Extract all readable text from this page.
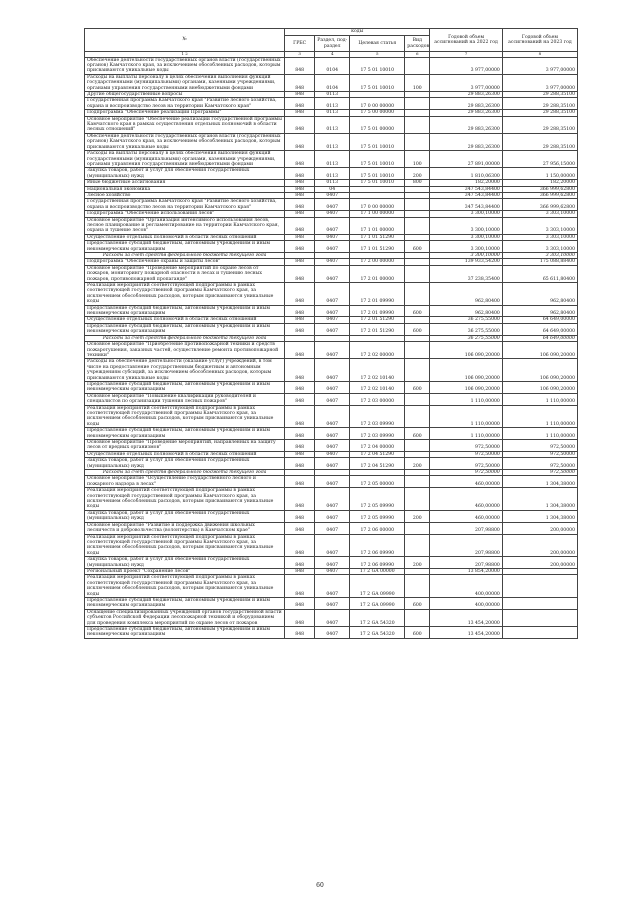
№	коды				Годовой объем ассигнований на 2022 год	Годовой объем ассигнований на 2023 год
	ГРБС	Раздел, под-раздел	Целевая статья	Вид расходов		
1 2	3	4	5	6	7	8
Обеспечение деятельности государственных органов власти (государственных органов) Камчатского края, за исключением обособленных расходов, которым присваиваются уникальные коды	848	0104	17 5 01 10010		3 977,00000	3 977,00000
Расходы на выплаты персоналу в целях обеспечения выполнения функций государственными (муниципальными) органами, казенными учреждениями, органами управления государственными внебюджетными фондами	848	0104	17 5 01 10010	100	3 977,00000	3 977,00000
Другие общегосударственные вопросы	848	0113			29 883,26300	29 288,35100
Государственная программа Камчатского края "Развитие лесного хозяйства, охрана и воспроизводство лесов на территории Камчатского края"	848	0113	17 0 00 00000		29 883,26300	29 288,35100
Подпрограмма "Обеспечение реализации Программы"	848	0113	17 5 00 00000		29 883,26300	29 288,35100
Основное мероприятие "Обеспечение реализации государственной программы Камчатского края в рамках осуществления отдельных полномочий в области лесных отношений"	848	0113	17 5 01 00000		29 883,26300	29 288,35100
Обеспечение деятельности государственных органов власти (государственных органов) Камчатского края, за исключением обособленных расходов, которым присваиваются уникальные коды	848	0113	17 5 01 10010		29 883,26300	29 288,35100
Расходы на выплаты персоналу в целях обеспечения выполнения функций государственными (муниципальными) органами, казенными учреждениями, органами управления государственными внебюджетными фондами	848	0113	17 5 01 10010	100	27 891,00000	27 956,15000
Закупка товаров, работ и услуг для обеспечения государственных (муниципальных) нужд	848	0113	17 5 01 10010	200	1 810,06300	1 150,00000
Иные бюджетные ассигнования	848	0113	17 5 01 10010	800	182,20000	182,20000
Национальная экономика	848	04			347 543,84400	366 999,62800
Лесное хозяйство	848	0407			347 543,84400	366 999,62800
Государственная программа Камчатского края "Развитие лесного хозяйства, охрана и воспроизводство лесов на территории Камчатского края"	848	0407	17 0 00 00000		347 543,84400	366 999,62800
Подпрограмма "Обеспечение использования лесов"	848	0407	17 1 00 00000		3 300,10000	3 303,10000
Основное мероприятие "Организация интенсивного использования лесов, лесное планирование и регламентирование на территории Камчатского края, охрана и тушение лесов"	848	0407	17 1 01 00000		3 300,10000	3 303,10000
Осуществление отдельных полномочий в области лесных отношений	848	0407	17 1 01 51290		3 300,10000	3 303,10000
Предоставление субсидий бюджетным, автономным учреждениям и иным некоммерческим организациям	848	0407	17 1 01 51290	600	3 300,10000	3 303,10000
Расходы за счет средств федерального бюджета текущего года					3 300,10000	3 303,10000
Подпрограмма "Обеспечение охраны и защиты лесов"	848	0407	17 2 00 00000		139 933,54200	175 088,88400
Основное мероприятие "Проведение мероприятий по охране лесов от пожаров, мониторингу пожарной опасности в лесах и тушению лесных пожаров, противопожарной пропаганде"	848	0407	17 2 01 00000		37 238,35400	65 611,80400
Реализация мероприятий соответствующей подпрограммы в рамках соответствующей государственной программы Камчатского края, за исключением обособленных расходов, которым присваиваются уникальные коды	848	0407	17 2 01 09990		962,80400	962,80400
Предоставление субсидий бюджетным, автономным учреждениям и иным некоммерческим организациям	848	0407	17 2 01 09990	600	962,80400	962,80400
Осуществление отдельных полномочий в области лесных отношений	848	0407	17 2 01 51290		36 275,55000	64 649,00000
Предоставление субсидий бюджетным, автономным учреждениям и иным некоммерческим организациям	848	0407	17 2 01 51290	600	36 275,55000	64 649,00000
Расходы за счет средств федерального бюджета текущего года					36 275,55000	64 649,00000
Основное мероприятие "Приобретение противопожарной техники и средств пожаротушения, заказных частей, осуществление ремонта противопожарной техники"	848	0407	17 2 02 00000		106 090,20000	106 090,20000
Расходы на обеспечение деятельности (оказание услуг) учреждений, в том числе на предоставление государственным бюджетным и автономным учреждениям субсидий, за исключением обособленных расходов, которым присваиваются уникальные коды	848	0407	17 2 02 10140		106 090,20000	106 090,20000
Предоставление субсидий бюджетным, автономным учреждениям и иным некоммерческим организациям	848	0407	17 2 02 10140	600	106 090,20000	106 090,20000
Основное мероприятие "Повышение квалификации руководителей и специалистов по организации тушения лесных пожаров"	848	0407	17 2 03 00000		1 110,00000	1 110,00000
Реализация мероприятий соответствующей подпрограммы в рамках соответствующей государственной программы Камчатского края, за исключением обособленных расходов, которым присваиваются уникальные коды	848	0407	17 2 03 09990		1 110,00000	1 110,00000
Предоставление субсидий бюджетным, автономным учреждениям и иным некоммерческим организациям	848	0407	17 2 03 09990	600	1 110,00000	1 110,00000
Основное мероприятие "Проведение мероприятий, направленных на защиту лесов от вредных организмов"	848	0407	17 2 04 00000		972,50000	972,50000
Осуществление отдельных полномочий в области лесных отношений	848	0407	17 2 04 51290		972,50000	972,50000
Закупка товаров, работ и услуг для обеспечения государственных (муниципальных) нужд	848	0407	17 2 04 51290	200	972,50000	972,50000
Расходы за счет средств федерального бюджета текущего года					972,50000	972,50000
Основное мероприятие "Осуществление государственного лесного и пожарного надзора в лесах"	848	0407	17 2 05 00000		460,00000	1 304,38000
Реализация мероприятий соответствующей подпрограммы в рамках соответствующей государственной программы Камчатского края, за исключением обособленных расходов, которым присваиваются уникальные коды	848	0407	17 2 05 09990		460,00000	1 304,38000
Закупка товаров, работ и услуг для обеспечения государственных (муниципальных) нужд	848	0407	17 2 05 09990	200	460,00000	1 304,38000
Основное мероприятие "Развитие и поддержка движения школьных лесничеств и добровольчества (волонтерства) в Камчатском крае"	848	0407	17 2 06 00000		207,98800	200,00000
Реализация мероприятий соответствующей подпрограммы в рамках соответствующей государственной программы Камчатского края, за исключением обособленных расходов, которым присваиваются уникальные коды	848	0407	17 2 06 09990		207,98800	200,00000
Закупка товаров, работ и услуг для обеспечения государственных (муниципальных) нужд	848	0407	17 2 06 09990	200	207,98800	200,00000
Региональный проект "Сохранение лесов"	848	0407	17 2 GA 00000		13 854,20000	
Реализация мероприятий соответствующей подпрограммы в рамках соответствующей государственной программы Камчатского края, за исключением обособленных расходов, которым присваиваются уникальные коды	848	0407	17 2 GA 09990		400,00000	
Предоставление субсидий бюджетным, автономным учреждениям и иным некоммерческим организациям	848	0407	17 2 GA 09990	600	400,00000	
Оснащение специализированных учреждений органов государственной власти субъектов Российской Федерации лесопожарной техникой и оборудованием для проведения комплекса мероприятий по охране лесов от пожаров	848	0407	17 2 GA 54320		13 454,20000	
Предоставление субсидий бюджетным, автономным учреждениям и иным некоммерческим организациям	848	0407	17 2 GA 54320	600	13 454,20000	
60
